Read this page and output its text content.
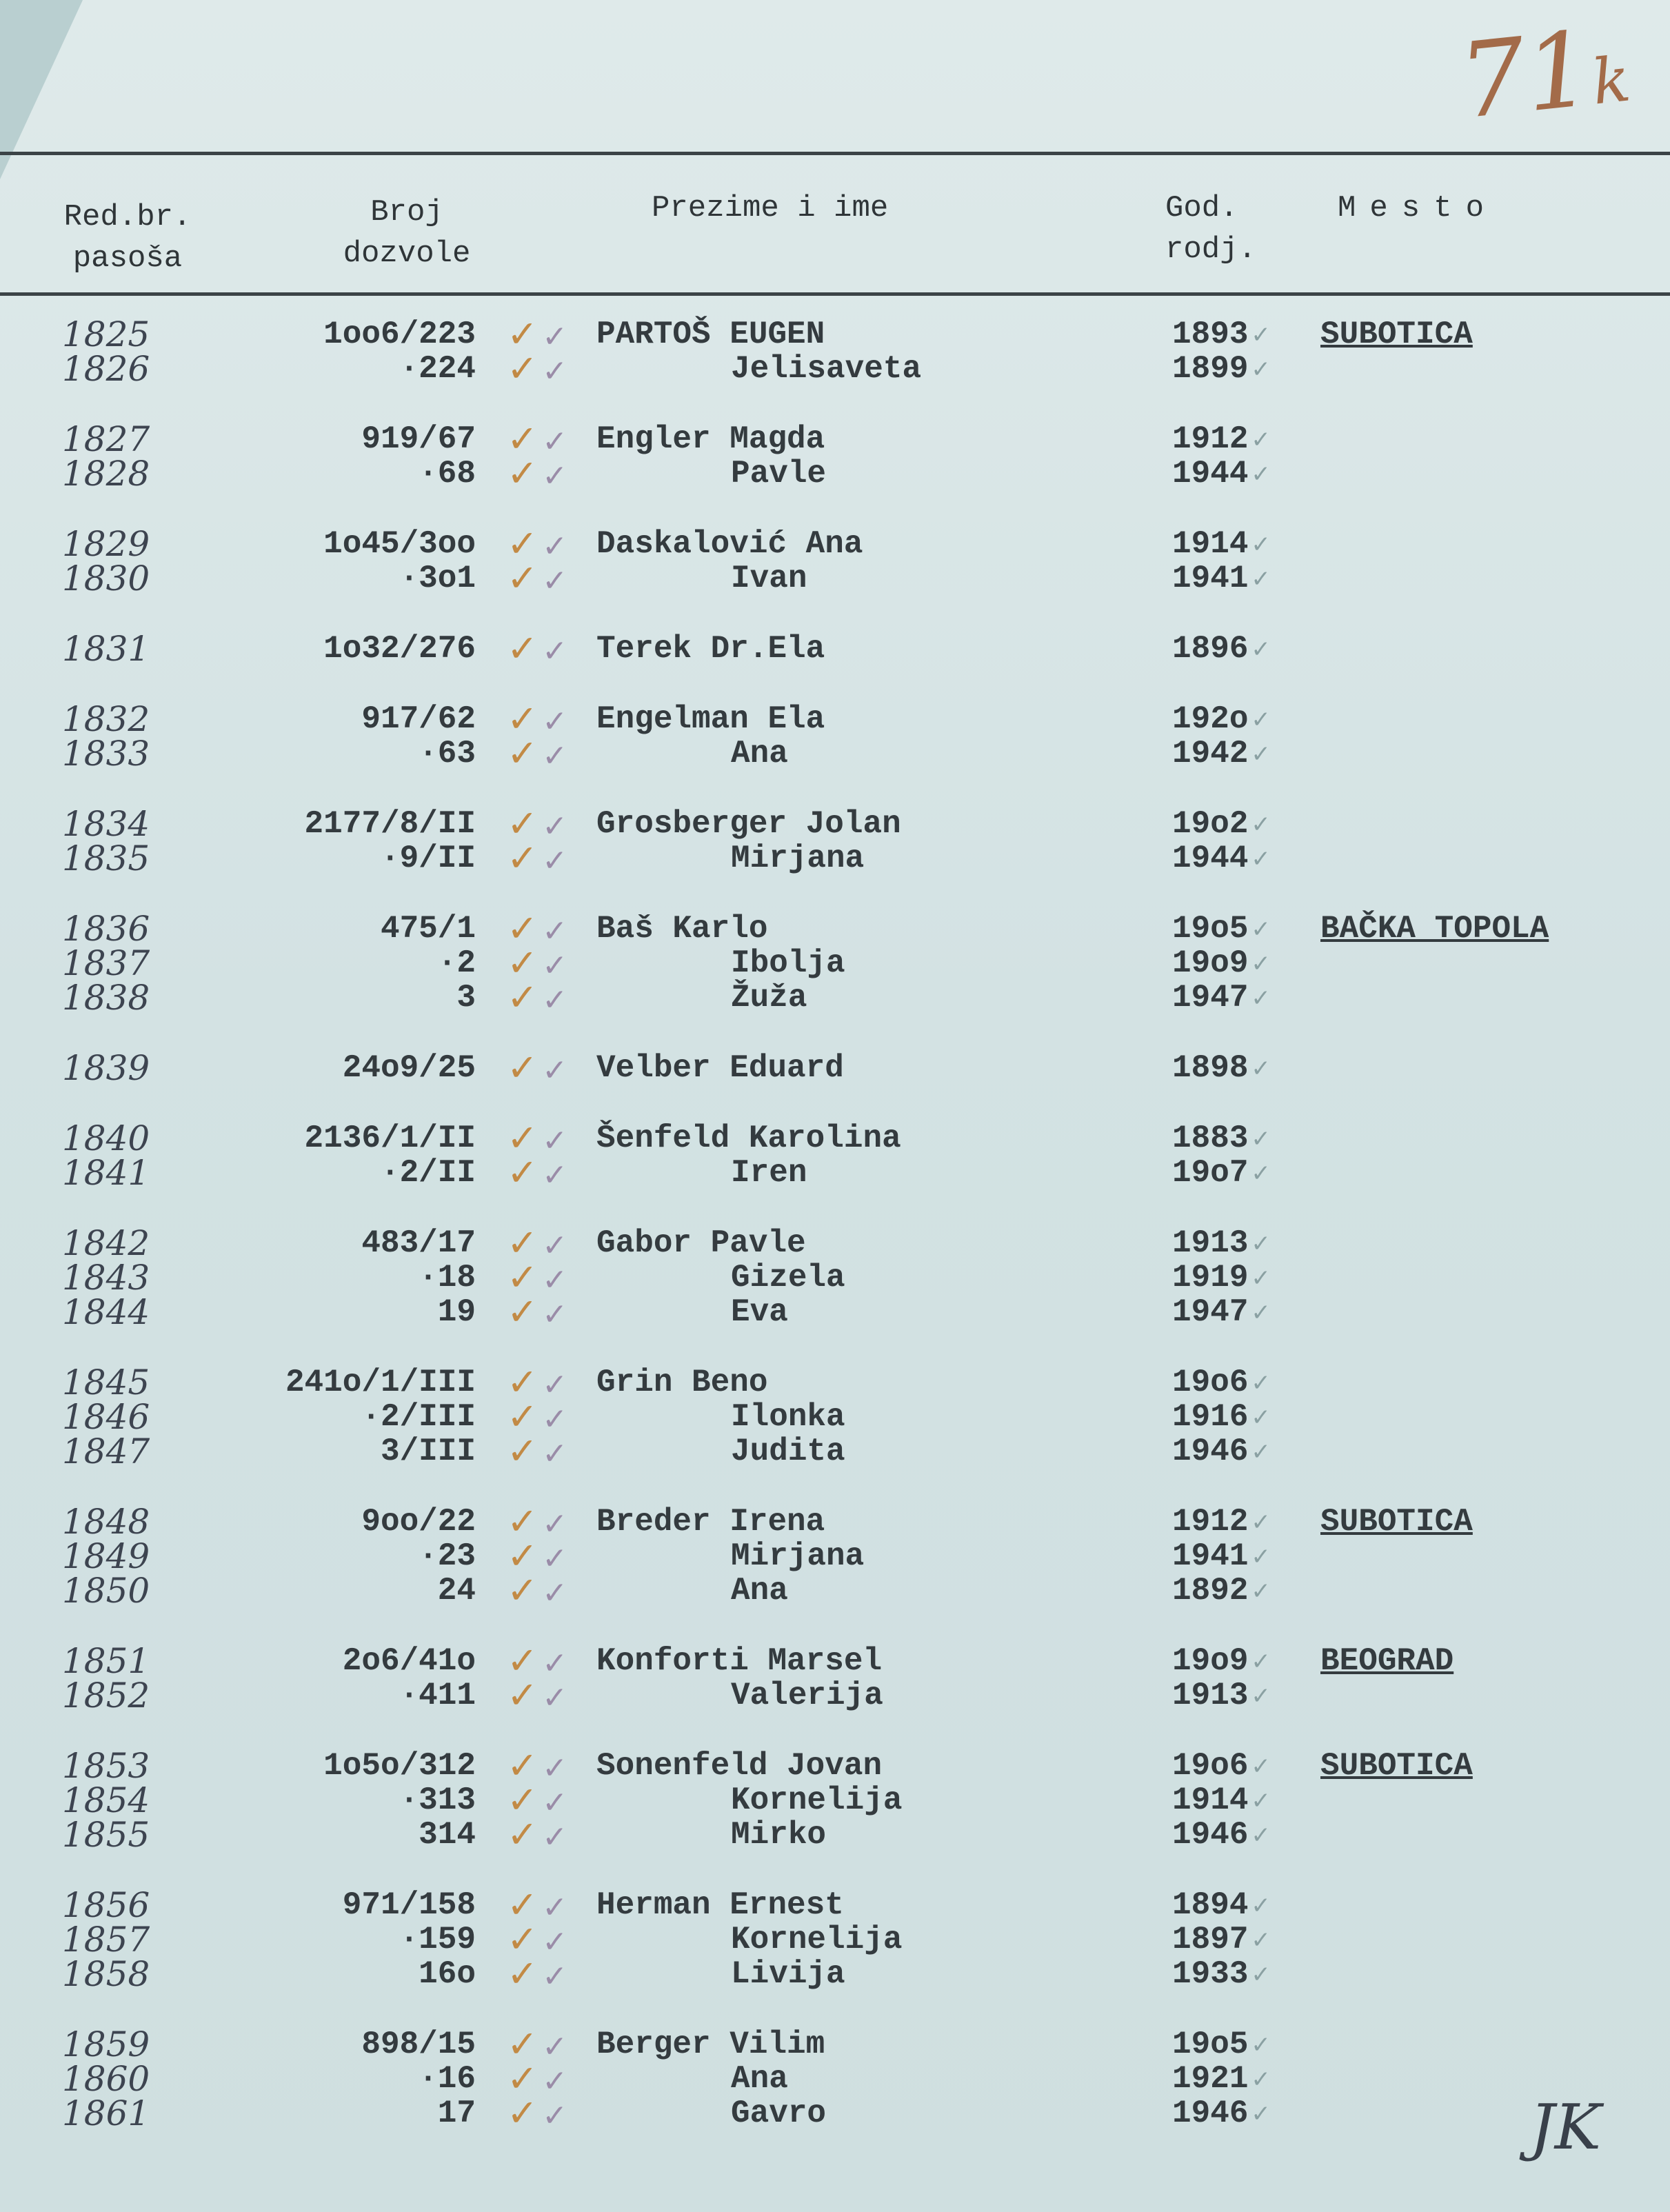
71k
Red.br.
pasoša
Broj
dozvole
Prezime i ime	God.
rodj.
Mesto
1825	1oo6/223 ✓ ✓ PARTOŠ EUGEN	1893 ✓ SUBOTICA
1826	·224 ✓ ✓	Jelisaveta	1899 ✓
1827	919/67 ✓ ✓ Engler Magda	1912 ✓
1828	·68 ✓ ✓	Pavle	1944 ✓
1829	1o45/3oo ✓ ✓ Daskalović Ana	1914 ✓
1830	·3o1 ✓ ✓	Ivan	1941 ✓
1831	1o32/276 ✓ ✓ Terek Dr.Ela	1896 ✓
1832	917/62 ✓ ✓ Engelman Ela	192o ✓
1833	·63 ✓ ✓	Ana	1942 ✓
1834	2177/8/II ✓ ✓ Grosberger Jolan	19o2 ✓
1835	·9/II ✓ ✓	Mirjana	1944 ✓
1836	475/1 ✓ ✓ Baš Karlo	19o5 ✓ BAČKA TOPOLA
1837	·2 ✓ ✓	Ibolja	19o9 ✓
1838	3 ✓ ✓	Žuža	1947 ✓
1839	24o9/25 ✓ ✓ Velber Eduard	1898 ✓
1840	2136/1/II ✓ ✓ Šenfeld Karolina	1883 ✓
1841	·2/II ✓ ✓	Iren	19o7 ✓
1842	483/17 ✓ ✓ Gabor Pavle	1913 ✓
1843	·18 ✓ ✓	Gizela	1919 ✓
1844	19 ✓ ✓	Eva	1947 ✓
1845	241o/1/III ✓ ✓ Grin Beno	19o6 ✓
1846	·2/III ✓ ✓	Ilonka	1916 ✓
1847	3/III ✓ ✓	Judita	1946 ✓
1848	9oo/22 ✓ ✓ Breder Irena	1912 ✓ SUBOTICA
1849	·23 ✓ ✓	Mirjana	1941 ✓
1850	24 ✓ ✓	Ana	1892 ✓
1851	2o6/41o ✓ ✓ Konforti Marsel	19o9 ✓ BEOGRAD
1852	·411 ✓ ✓	Valerija	1913 ✓
1853	1o5o/312 ✓ ✓ Sonenfeld Jovan	19o6 ✓ SUBOTICA
1854	·313 ✓ ✓	Kornelija	1914 ✓
1855	314 ✓ ✓	Mirko	1946 ✓
1856	971/158 ✓ ✓ Herman Ernest	1894 ✓
1857	·159 ✓ ✓	Kornelija	1897 ✓
1858	16o ✓ ✓	Livija	1933 ✓
1859	898/15 ✓ ✓ Berger Vilim	19o5 ✓
1860	·16 ✓ ✓	Ana	1921 ✓
1861	17 ✓ ✓	Gavro	1946 ✓	JK
